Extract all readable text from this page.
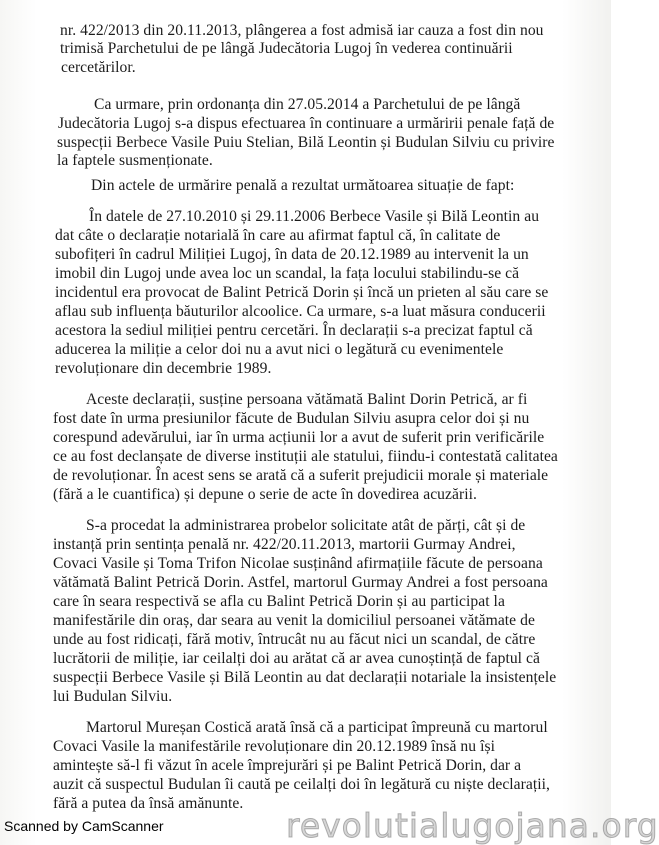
nr. 422/2013 din 20.11.2013, plângerea a fost admisă iar cauza a fost din nou
trimisă Parchetului de pe lângă Judecătoria Lugoj în vederea continuării
cercetărilor.
Ca urmare, prin ordonanța din 27.05.2014 a Parchetului de pe lângă
Judecătoria Lugoj s-a dispus efectuarea în continuare a urmăririi penale față de
suspecții Berbece Vasile Puiu Stelian, Bilă Leontin și Budulan Silviu cu privire
la faptele susmenționate.
Din actele de urmărire penală a rezultat următoarea situație de fapt:
În datele de 27.10.2010 și 29.11.2006 Berbece Vasile și Bilă Leontin au
dat câte o declarație notarială în care au afirmat faptul că, în calitate de
subofițeri în cadrul Miliției Lugoj, în data de 20.12.1989 au intervenit la un
imobil din Lugoj unde avea loc un scandal, la fața locului stabilindu-se că
incidentul era provocat de Balint Petrică Dorin și încă un prieten al său care se
aflau sub influența băuturilor alcoolice. Ca urmare, s-a luat măsura conducerii
acestora la sediul miliției pentru cercetări. În declarații s-a precizat faptul că
aducerea la miliție a celor doi nu a avut nici o legătură cu evenimentele
revoluționare din decembrie 1989.
Aceste declarații, susține persoana vătămată Balint Dorin Petrică, ar fi
fost date în urma presiunilor făcute de Budulan Silviu asupra celor doi și nu
corespund adevărului, iar în urma acțiunii lor a avut de suferit prin verificările
ce au fost declanșate de diverse instituții ale statului, fiindu-i contestată calitatea
de revoluționar. În acest sens se arată că a suferit prejudicii morale și materiale
(fără a le cuantifica) și depune o serie de acte în dovedirea acuzării.
S-a procedat la administrarea probelor solicitate atât de părți, cât și de
instanță prin sentința penală nr. 422/20.11.2013, martorii Gurmay Andrei,
Covaci Vasile și Toma Trifon Nicolae susținând afirmațiile făcute de persoana
vătămată Balint Petrică Dorin. Astfel, martorul Gurmay Andrei a fost persoana
care în seara respectivă se afla cu Balint Petrică Dorin și au participat la
manifestările din oraș, dar seara au venit la domiciliul persoanei vătămate de
unde au fost ridicați, fără motiv, întrucât nu au făcut nici un scandal, de către
lucrătorii de miliție, iar ceilalți doi au arătat că ar avea cunoștință de faptul că
suspecții Berbece Vasile și Bilă Leontin au dat declarații notariale la insistențele
lui Budulan Silviu.
Martorul Mureșan Costică arată însă că a participat împreună cu martorul
Covaci Vasile la manifestările revoluționare din 20.12.1989 însă nu își
amintește să-l fi văzut în acele împrejurări și pe Balint Petrică Dorin, dar a
auzit că suspectul Budulan îi caută pe ceilalți doi în legătură cu niște declarații,
fără a putea da însă amănunte.
Scanned by CamScanner	revolutialugojana.org
